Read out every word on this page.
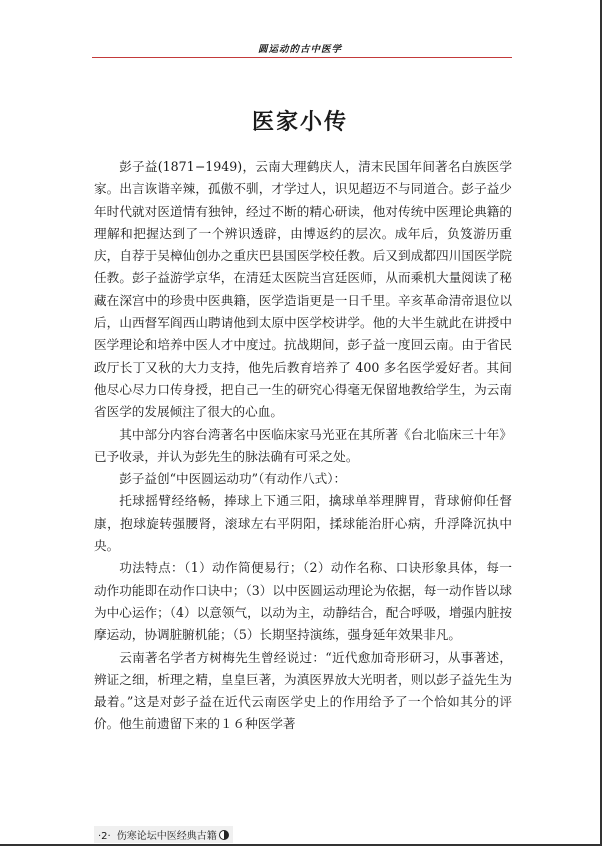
圆运动的古中医学
医家小传

彭子益(1871−1949)，云南大理鹤庆人，清末民国年间著名白族医学家。出言诙谐辛辣，孤傲不驯，才学过人，识见超迈不与同道合。彭子益少年时代就对医道情有独钟，经过不断的精心研读，他对传统中医理论典籍的理解和把握达到了一个辨识透辟，由博返约的层次。成年后，负笈游历重庆，自荐于吴樟仙创办之重庆巴县国医学校任教。后又到成都四川国医学院任教。彭子益游学京华，在清廷太医院当宫廷医师，从而乘机大量阅读了秘藏在深宫中的珍贵中医典籍，医学造诣更是一日千里。辛亥革命清帝退位以后，山西督军阎西山聘请他到太原中医学校讲学。他的大半生就此在讲授中医学理论和培养中医人才中度过。抗战期间，彭子益一度回云南。由于省民政厅长丁又秋的大力支持，他先后教育培养了 400 多名医学爱好者。其间他尽心尽力口传身授，把自己一生的研究心得毫无保留地教给学生，为云南省医学的发展倾注了很大的心血。

其中部分内容台湾著名中医临床家马光亚在其所著《台北临床三十年》已予收录，并认为彭先生的脉法确有可采之处。

彭子益创“中医圆运动功”（有动作八式）：

托球摇臂经络畅，捧球上下通三阳，擒球单举理脾胃，背球俯仰任督康，抱球旋转强腰肾，滚球左右平阴阳，揉球能治肝心病，升浮降沉执中央。

功法特点：（1）动作简便易行；（2）动作名称、口诀形象具体，每一动作功能即在动作口诀中；（3）以中医圆运动理论为依据，每一动作皆以球为中心运作；（4）以意领气，以动为主，动静结合，配合呼吸，增强内脏按摩运动，协调脏腑机能；（5）长期坚持演练，强身延年效果非凡。

云南著名学者方树梅先生曾经说过：“近代愈加奇形研习，从事著述，辨证之细，析理之精，皇皇巨著，为滇医界放大光明者，则以彭子益先生为最着。”这是对彭子益在近代云南医学史上的作用给予了一个恰如其分的评价。他生前遗留下来的１６种医学著

·2· 伤寒论坛中医经典古籍
